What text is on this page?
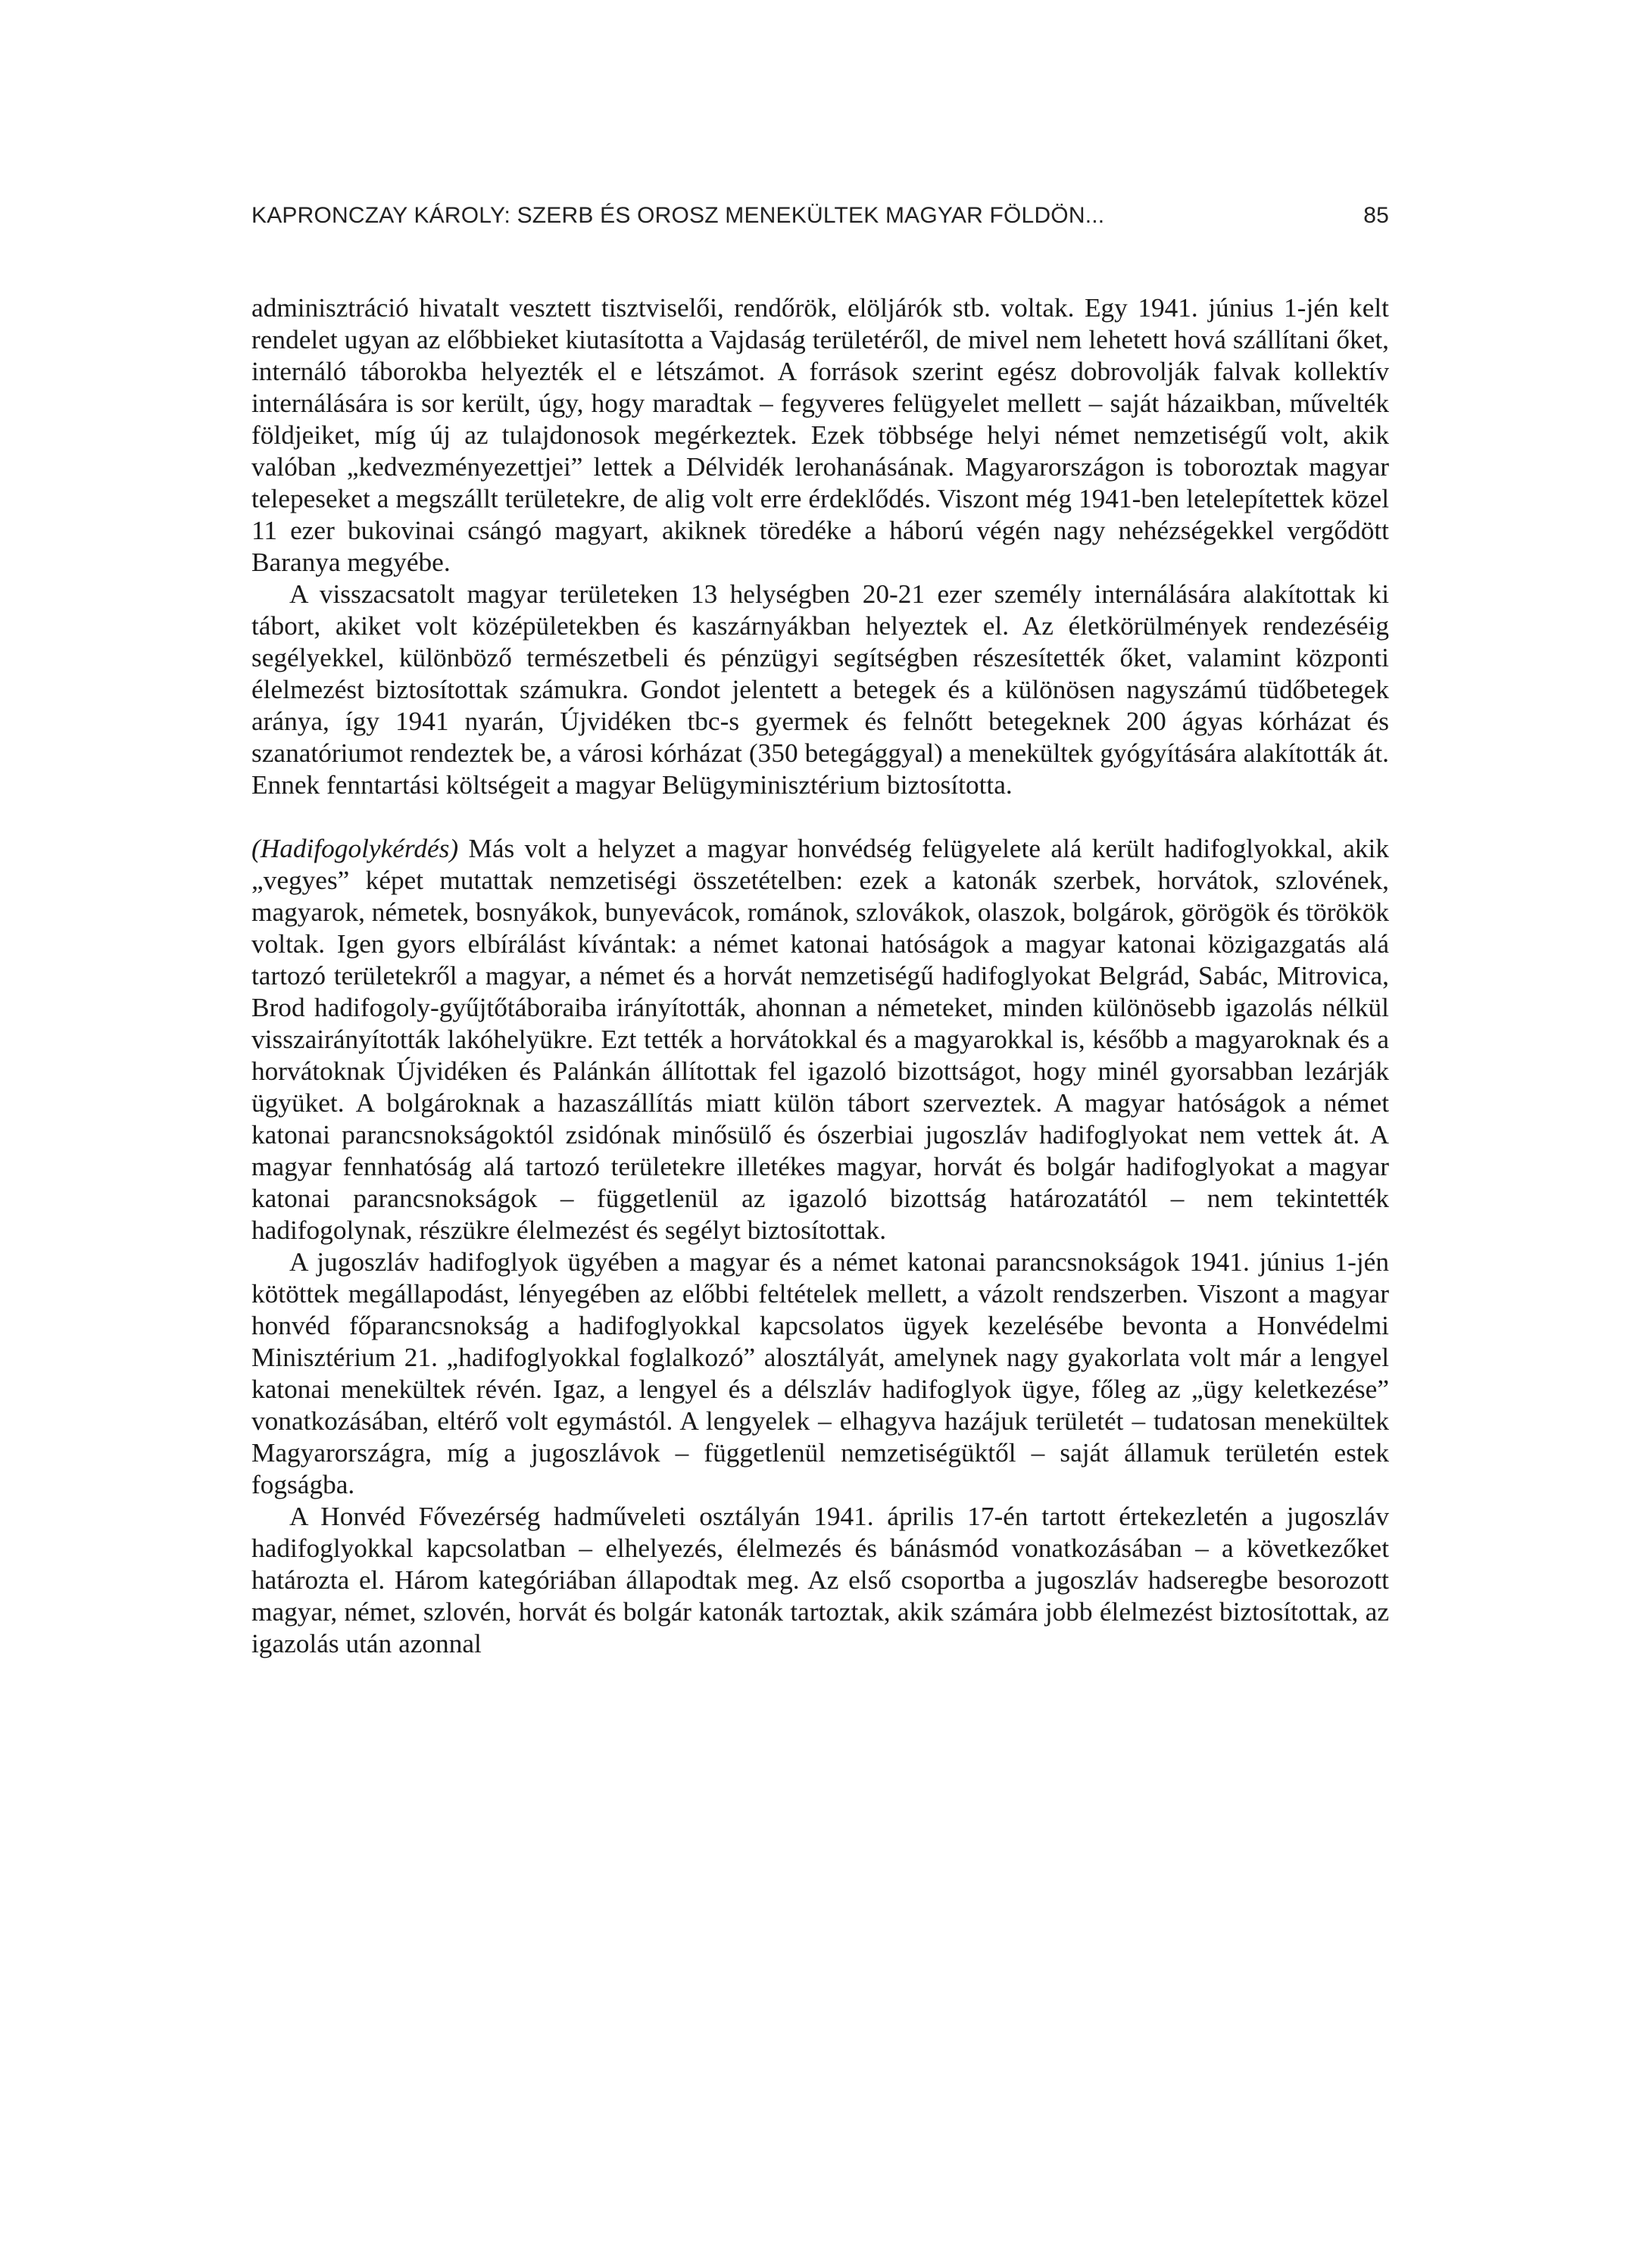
KAPRONCZAY KÁROLY: SZERB ÉS OROSZ MENEKÜLTEK MAGYAR FÖLDÖN...	85

adminisztráció hivatalt vesztett tisztviselői, rendőrök, elöljárók stb. voltak. Egy 1941. június 1-jén kelt rendelet ugyan az előbbieket kiutasította a Vajdaság területéről, de mivel nem lehetett hová szállítani őket, internáló táborokba helyezték el e létszámot. A források szerint egész dobrovolják falvak kollektív internálására is sor került, úgy, hogy maradtak – fegyveres felügyelet mellett – saját házaikban, művelték földjeiket, míg új az tulajdonosok megérkeztek. Ezek többsége helyi német nemzetiségű volt, akik valóban „kedvezményezettjei” lettek a Délvidék lerohanásának. Magyarországon is toboroztak magyar telepeseket a megszállt területekre, de alig volt erre érdeklődés. Viszont még 1941-ben letelepítettek közel 11 ezer bukovinai csángó magyart, akiknek töredéke a háború végén nagy nehézségekkel vergődött Baranya megyébe.

A visszacsatolt magyar területeken 13 helységben 20-21 ezer személy internálására alakítottak ki tábort, akiket volt középületekben és kaszárnyákban helyeztek el. Az életkörülmények rendezéséig segélyekkel, különböző természetbeli és pénzügyi segítségben részesítették őket, valamint központi élelmezést biztosítottak számukra. Gondot jelentett a betegek és a különösen nagyszámú tüdőbetegek aránya, így 1941 nyarán, Újvidéken tbc-s gyermek és felnőtt betegeknek 200 ágyas kórházat és szanatóriumot rendeztek be, a városi kórházat (350 betegággyal) a menekültek gyógyítására alakították át. Ennek fenntartási költségeit a magyar Belügyminisztérium biztosította.

(Hadifogolykérdés) Más volt a helyzet a magyar honvédség felügyelete alá került hadifoglyokkal, akik „vegyes” képet mutattak nemzetiségi összetételben: ezek a katonák szerbek, horvátok, szlovének, magyarok, németek, bosnyákok, bunyevácok, románok, szlovákok, olaszok, bolgárok, görögök és törökök voltak. Igen gyors elbírálást kívántak: a német katonai hatóságok a magyar katonai közigazgatás alá tartozó területekről a magyar, a német és a horvát nemzetiségű hadifoglyokat Belgrád, Sabác, Mitrovica, Brod hadifogoly-gyűjtőtáboraiba irányították, ahonnan a németeket, minden különösebb igazolás nélkül visszairányították lakóhelyükre. Ezt tették a horvátokkal és a magyarokkal is, később a magyaroknak és a horvátoknak Újvidéken és Palánkán állítottak fel igazoló bizottságot, hogy minél gyorsabban lezárják ügyüket. A bolgároknak a hazaszállítás miatt külön tábort szerveztek. A magyar hatóságok a német katonai parancsnokságoktól zsidónak minősülő és ószerbiai jugoszláv hadifoglyokat nem vettek át. A magyar fennhatóság alá tartozó területekre illetékes magyar, horvát és bolgár hadifoglyokat a magyar katonai parancsnokságok – függetlenül az igazoló bizottság határozatától – nem tekintették hadifogolynak, részükre élelmezést és segélyt biztosítottak.

A jugoszláv hadifoglyok ügyében a magyar és a német katonai parancsnokságok 1941. június 1-jén kötöttek megállapodást, lényegében az előbbi feltételek mellett, a vázolt rendszerben. Viszont a magyar honvéd főparancsnokság a hadifoglyokkal kapcsolatos ügyek kezelésébe bevonta a Honvédelmi Minisztérium 21. „hadifoglyokkal foglalkozó” alosztályát, amelynek nagy gyakorlata volt már a lengyel katonai menekültek révén. Igaz, a lengyel és a délszláv hadifoglyok ügye, főleg az „ügy keletkezése” vonatkozásában, eltérő volt egymástól. A lengyelek – elhagyva hazájuk területét – tudatosan menekültek Magyarországra, míg a jugoszlávok – függetlenül nemzetiségüktől – saját államuk területén estek fogságba.

A Honvéd Fővezérség hadműveleti osztályán 1941. április 17-én tartott értekezletén a jugoszláv hadifoglyokkal kapcsolatban – elhelyezés, élelmezés és bánásmód vonatkozásában – a következőket határozta el. Három kategóriában állapodtak meg. Az első csoportba a jugoszláv hadseregbe besorozott magyar, német, szlovén, horvát és bolgár katonák tartoztak, akik számára jobb élelmezést biztosítottak, az igazolás után azonnal
